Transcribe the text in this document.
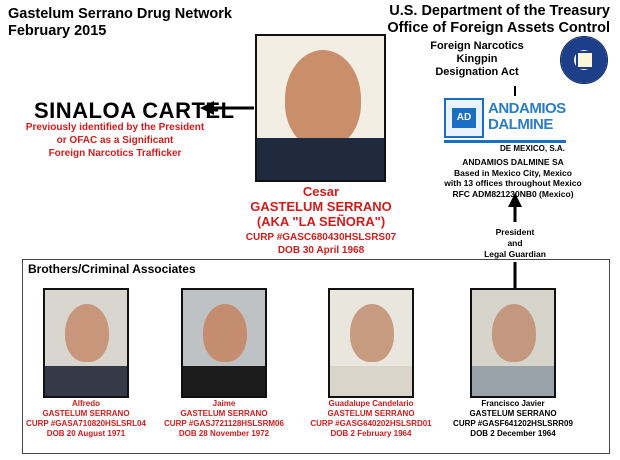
Gastelum Serrano Drug Network
February 2015
U.S. Department of the Treasury
Office of Foreign Assets Control
Foreign Narcotics Kingpin
Designation Act
SINALOA CARTEL
Previously identified by the President
or OFAC as a Significant
Foreign Narcotics Trafficker
Cesar
GASTELUM SERRANO
(AKA "LA SEÑORA")
CURP #GASC680430HSLSRS07
DOB 30 April 1968
AD
ANDAMIOS
DALMINE
DE MEXICO, S.A.
ANDAMIOS DALMINE SA
Based in Mexico City, Mexico
with 13 offices throughout Mexico
RFC ADM821230NB0 (Mexico)
President
and
Legal Guardian
Brothers/Criminal Associates
Alfredo
GASTELUM SERRANO
CURP #GASA710820HSLSRL04
DOB 20 August 1971
Jaime
GASTELUM SERRANO
CURP #GASJ721128HSLSRM06
DOB 28 November 1972
Guadalupe Candelario
GASTELUM SERRANO
CURP #GASG640202HSLSRD01
DOB 2 February 1964
Francisco Javier
GASTELUM SERRANO
CURP #GASF641202HSLSRR09
DOB 2 December 1964
